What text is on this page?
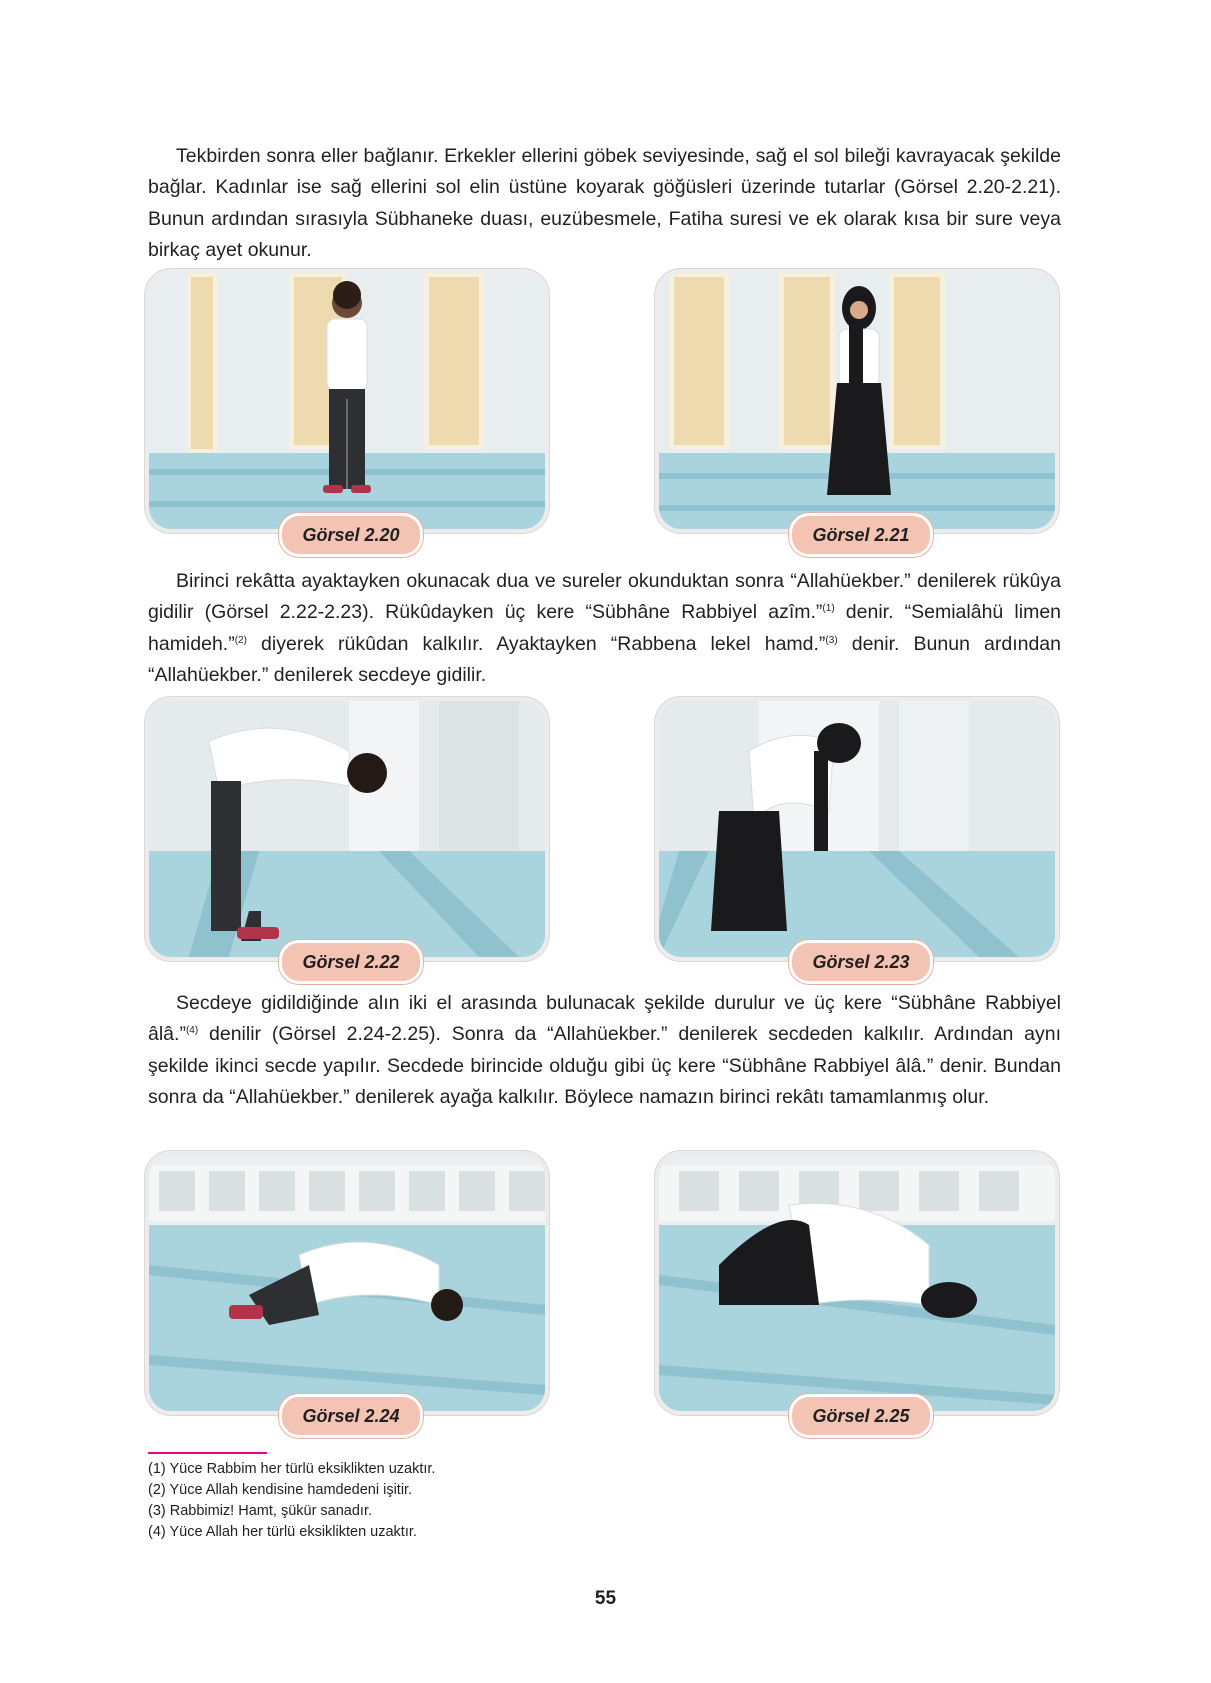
Tekbirden sonra eller bağlanır. Erkekler ellerini göbek seviyesinde, sağ el sol bileği kavrayacak şekilde bağlar. Kadınlar ise sağ ellerini sol elin üstüne koyarak göğüsleri üzerinde tutarlar (Görsel 2.20-2.21). Bunun ardından sırasıyla Sübhaneke duası, euzübesmele, Fatiha suresi ve ek olarak kısa bir sure veya birkaç ayet okunur.

Görsel 2.20	Görsel 2.21

Birinci rekâtta ayaktayken okunacak dua ve sureler okunduktan sonra “Allahüekber.” denilerek rükûya gidilir (Görsel 2.22-2.23). Rükûdayken üç kere “Sübhâne Rabbiyel azîm.”$^{(1)}$ denir. “Semialâhü limen hamideh.”$^{(2)}$ diyerek rükûdan kalkılır. Ayaktayken “Rabbena lekel hamd.”$^{(3)}$ denir. Bunun ardından “Allahüekber.” denilerek secdeye gidilir.

Görsel 2.22	Görsel 2.23

Secdeye gidildiğinde alın iki el arasında bulunacak şekilde durulur ve üç kere “Sübhâne Rabbiyel âlâ.”$^{(4)}$ denilir (Görsel 2.24-2.25). Sonra da “Allahüekber.” denilerek secdeden kalkılır. Ardından aynı şekilde ikinci secde yapılır. Secdede birincide olduğu gibi üç kere “Sübhâne Rabbiyel âlâ.” denir. Bundan sonra da “Allahüekber.” denilerek ayağa kalkılır. Böylece namazın birinci rekâtı tamamlanmış olur.

Görsel 2.24	Görsel 2.25
(1) Yüce Rabbim her türlü eksiklikten uzaktır.
(2) Yüce Allah kendisine hamdedeni işitir.
(3) Rabbimiz! Hamt, şükür sanadır.
(4) Yüce Allah her türlü eksiklikten uzaktır.
55
